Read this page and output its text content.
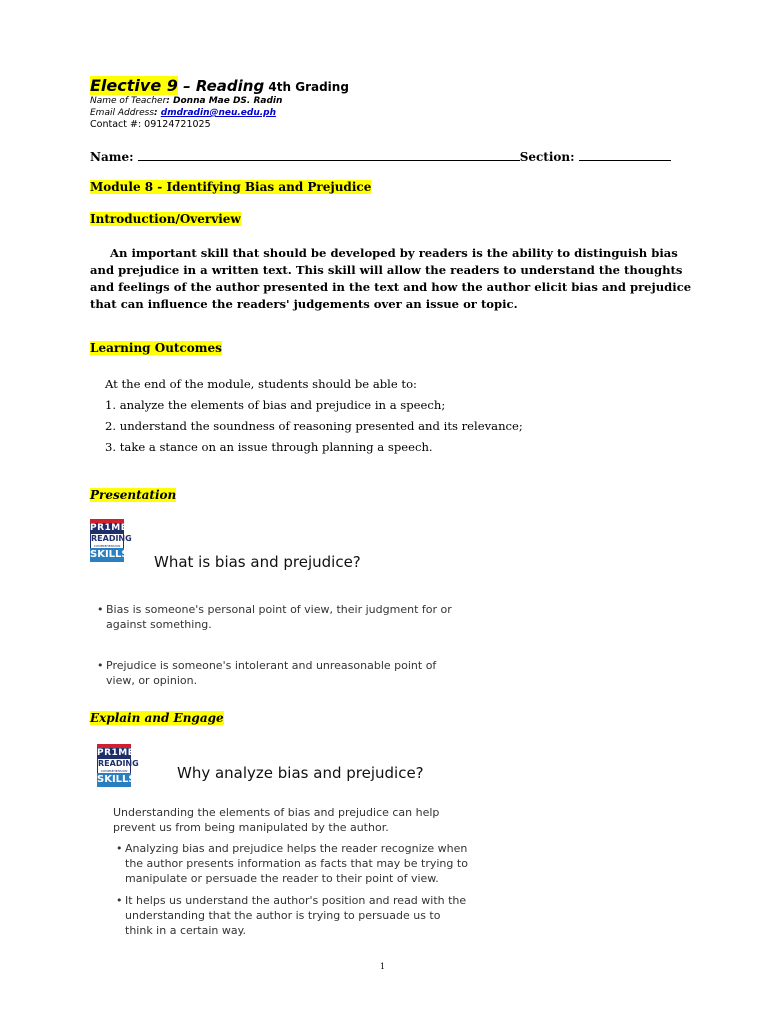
Elective 9 – Reading 4th Grading
Name of Teacher: Donna Mae DS. Radin
Email Address: dmdradin@neu.edu.ph
Contact #: 09124721025
Name:	Section:
Module 8 - Identifying Bias and Prejudice
Introduction/Overview
An important skill that should be developed by readers is the ability to distinguish bias
and prejudice in a written text. This skill will allow the readers to understand the thoughts
and feelings of the author presented in the text and how the author elicit bias and prejudice
that can influence the readers' judgements over an issue or topic.
Learning Outcomes
At the end of the module, students should be able to:
1. analyze the elements of bias and prejudice in a speech;
2. understand the soundness of reasoning presented and its relevance;
3. take a stance on an issue through planning a speech.
Presentation
PR1ME
READING
COMPREHENSION
SKILLS What is bias and prejudice?
• Bias is someone's personal point of view, their judgment for or
against something.
• Prejudice is someone's intolerant and unreasonable point of
view, or opinion.
Explain and Engage
PR1ME
READING
COMPREHENSION
SKILLS	Why analyze bias and prejudice?
Understanding the elements of bias and prejudice can help
prevent us from being manipulated by the author.
• Analyzing bias and prejudice helps the reader recognize when
the author presents information as facts that may be trying to
manipulate or persuade the reader to their point of view.
• It helps us understand the author's position and read with the
understanding that the author is trying to persuade us to
think in a certain way.
1
